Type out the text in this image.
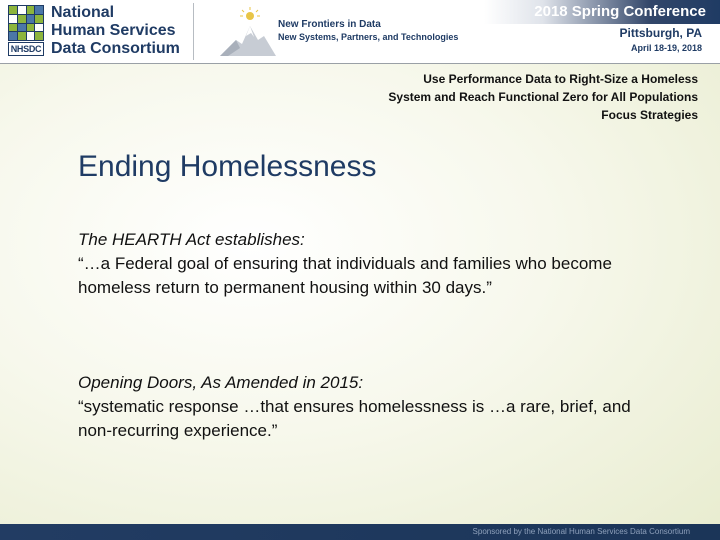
NHSDC
National
Human Services
Data Consortium
New Frontiers in Data
New Systems, Partners, and Technologies
2018 Spring Conference
Pittsburgh, PA
April 18-19, 2018
Use Performance Data to Right-Size a Homeless
System and Reach Functional Zero for All Populations
Focus Strategies
Ending Homelessness
The HEARTH Act establishes:
“…a Federal goal of ensuring that individuals and families who become homeless return to permanent housing within 30 days.”
Opening Doors, As Amended in 2015:
“systematic response …that ensures homelessness is …a rare, brief, and non-recurring experience.”
Sponsored by the National Human Services Data Consortium
